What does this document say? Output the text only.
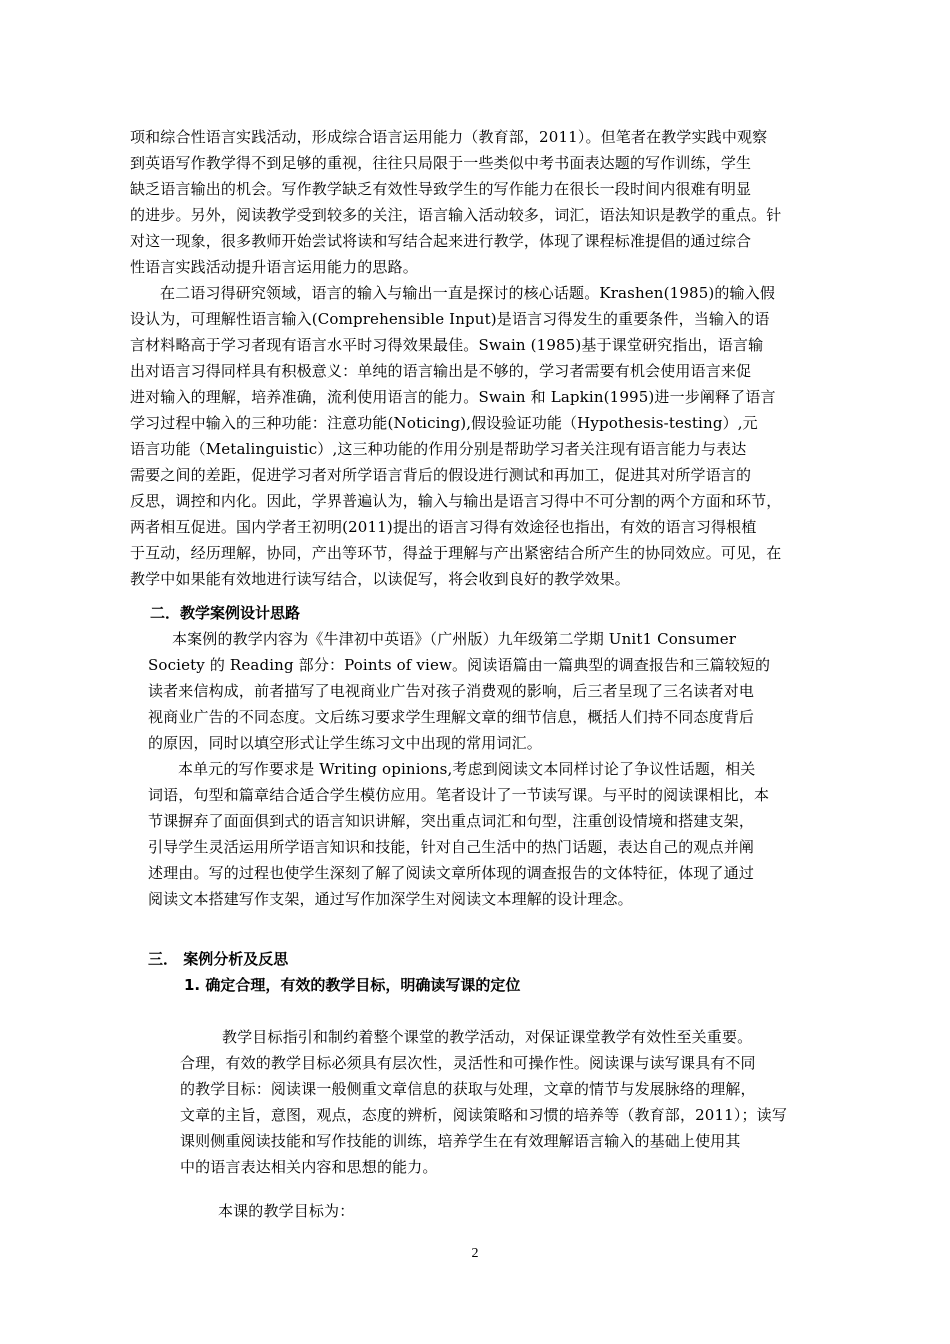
项和综合性语言实践活动，形成综合语言运用能力（教育部，2011）。但笔者在教学实践中观察
到英语写作教学得不到足够的重视，往往只局限于一些类似中考书面表达题的写作训练，学生
缺乏语言输出的机会。写作教学缺乏有效性导致学生的写作能力在很长一段时间内很难有明显
的进步。另外，阅读教学受到较多的关注，语言输入活动较多，词汇，语法知识是教学的重点。针
对这一现象，很多教师开始尝试将读和写结合起来进行教学，体现了课程标准提倡的通过综合
性语言实践活动提升语言运用能力的思路。
在二语习得研究领域，语言的输入与输出一直是探讨的核心话题。Krashen(1985)的输入假
设认为，可理解性语言输入(Comprehensible Input)是语言习得发生的重要条件，当输入的语
言材料略高于学习者现有语言水平时习得效果最佳。Swain (1985)基于课堂研究指出，语言输
出对语言习得同样具有积极意义：单纯的语言输出是不够的，学习者需要有机会使用语言来促
进对输入的理解，培养准确，流利使用语言的能力。Swain 和 Lapkin(1995)进一步阐释了语言
学习过程中输入的三种功能：注意功能(Noticing),假设验证功能（Hypothesis-testing）,元
语言功能（Metalinguistic）,这三种功能的作用分别是帮助学习者关注现有语言能力与表达
需要之间的差距，促进学习者对所学语言背后的假设进行测试和再加工，促进其对所学语言的
反思，调控和内化。因此，学界普遍认为，输入与输出是语言习得中不可分割的两个方面和环节，
两者相互促进。国内学者王初明(2011)提出的语言习得有效途径也指出，有效的语言习得根植
于互动，经历理解，协同，产出等环节，得益于理解与产出紧密结合所产生的协同效应。可见，在
教学中如果能有效地进行读写结合，以读促写，将会收到良好的教学效果。
二．教学案例设计思路
本案例的教学内容为《牛津初中英语》（广州版）九年级第二学期 Unit1 Consumer
Society 的 Reading 部分：Points of view。阅读语篇由一篇典型的调查报告和三篇较短的
读者来信构成，前者描写了电视商业广告对孩子消费观的影响，后三者呈现了三名读者对电
视商业广告的不同态度。文后练习要求学生理解文章的细节信息，概括人们持不同态度背后
的原因，同时以填空形式让学生练习文中出现的常用词汇。
本单元的写作要求是 Writing opinions,考虑到阅读文本同样讨论了争议性话题，相关
词语，句型和篇章结合适合学生模仿应用。笔者设计了一节读写课。与平时的阅读课相比，本
节课摒弃了面面俱到式的语言知识讲解，突出重点词汇和句型，注重创设情境和搭建支架，
引导学生灵活运用所学语言知识和技能，针对自己生活中的热门话题，表达自己的观点并阐
述理由。写的过程也使学生深刻了解了阅读文章所体现的调查报告的文体特征，体现了通过
阅读文本搭建写作支架，通过写作加深学生对阅读文本理解的设计理念。
三． 案例分析及反思
1. 确定合理，有效的教学目标，明确读写课的定位
教学目标指引和制约着整个课堂的教学活动，对保证课堂教学有效性至关重要。
合理，有效的教学目标必须具有层次性，灵活性和可操作性。阅读课与读写课具有不同
的教学目标：阅读课一般侧重文章信息的获取与处理，文章的情节与发展脉络的理解，
文章的主旨，意图，观点，态度的辨析，阅读策略和习惯的培养等（教育部，2011）；读写
课则侧重阅读技能和写作技能的训练，培养学生在有效理解语言输入的基础上使用其
中的语言表达相关内容和思想的能力。
本课的教学目标为：
2
